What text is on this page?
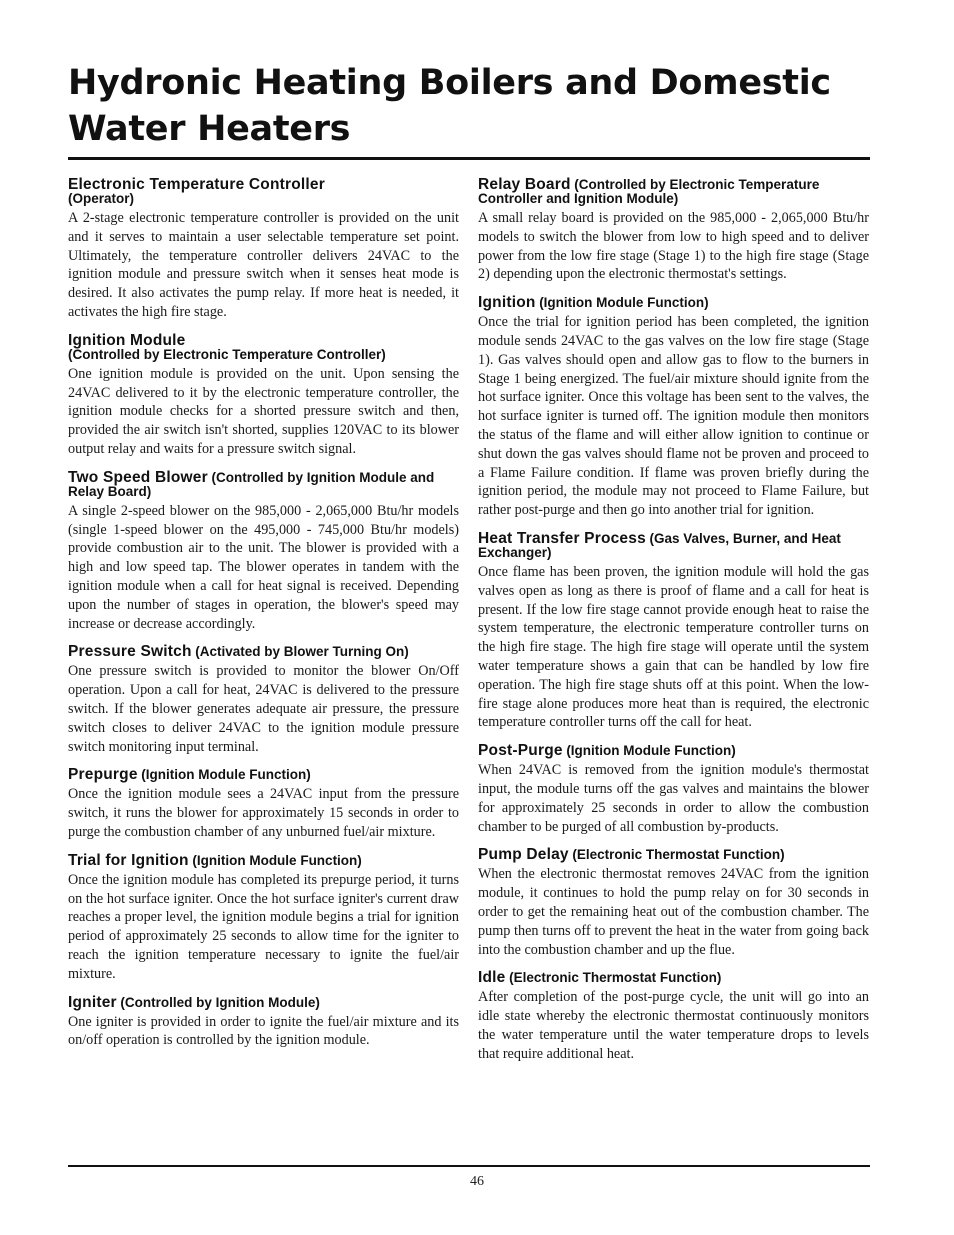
Hydronic Heating Boilers and Domestic Water Heaters
Electronic Temperature Controller
(Operator)

A 2-stage electronic temperature controller is provided on the unit and it serves to maintain a user selectable temperature set point. Ultimately, the temperature controller delivers 24VAC to the ignition module and pressure switch when it senses heat mode is desired. It also activates the pump relay. If more heat is needed, it activates the high fire stage.

Ignition Module
(Controlled by Electronic Temperature Controller)

One ignition module is provided on the unit. Upon sensing the 24VAC delivered to it by the electronic temperature controller, the ignition module checks for a shorted pressure switch and then, provided the air switch isn't shorted, supplies 120VAC to its blower output relay and waits for a pressure switch signal.

Two Speed Blower (Controlled by Ignition Module and Relay Board)

A single 2-speed blower on the 985,000 - 2,065,000 Btu/hr models (single 1-speed blower on the 495,000 - 745,000 Btu/hr models) provide combustion air to the unit. The blower is provided with a high and low speed tap. The blower operates in tandem with the ignition module when a call for heat signal is received. Depending upon the number of stages in operation, the blower's speed may increase or decrease accordingly.

Pressure Switch (Activated by Blower Turning On)

One pressure switch is provided to monitor the blower On/Off operation. Upon a call for heat, 24VAC is delivered to the pressure switch. If the blower generates adequate air pressure, the pressure switch closes to deliver 24VAC to the ignition module pressure switch monitoring input terminal.

Prepurge (Ignition Module Function)

Once the ignition module sees a 24VAC input from the pressure switch, it runs the blower for approximately 15 seconds in order to purge the combustion chamber of any unburned fuel/air mixture.

Trial for Ignition (Ignition Module Function)

Once the ignition module has completed its prepurge period, it turns on the hot surface igniter. Once the hot surface igniter's current draw reaches a proper level, the ignition module begins a trial for ignition period of approximately 25 seconds to allow time for the igniter to reach the ignition temperature necessary to ignite the fuel/air mixture.

Igniter (Controlled by Ignition Module)

One igniter is provided in order to ignite the fuel/air mixture and its on/off operation is controlled by the ignition module.

Relay Board (Controlled by Electronic Temperature Controller and Ignition Module)

A small relay board is provided on the 985,000 - 2,065,000 Btu/hr models to switch the blower from low to high speed and to deliver power from the low fire stage (Stage 1) to the high fire stage (Stage 2) depending upon the electronic thermostat's settings.

Ignition (Ignition Module Function)

Once the trial for ignition period has been completed, the ignition module sends 24VAC to the gas valves on the low fire stage (Stage 1). Gas valves should open and allow gas to flow to the burners in Stage 1 being energized. The fuel/air mixture should ignite from the hot surface igniter. Once this voltage has been sent to the valves, the hot surface igniter is turned off. The ignition module then monitors the status of the flame and will either allow ignition to continue or shut down the gas valves should flame not be proven and proceed to a Flame Failure condition. If flame was proven briefly during the ignition period, the module may not proceed to Flame Failure, but rather post-purge and then go into another trial for ignition.

Heat Transfer Process (Gas Valves, Burner, and Heat Exchanger)

Once flame has been proven, the ignition module will hold the gas valves open as long as there is proof of flame and a call for heat is present. If the low fire stage cannot provide enough heat to raise the system temperature, the electronic temperature controller turns on the high fire stage. The high fire stage will operate until the system water temperature shows a gain that can be handled by low fire operation. The high fire stage shuts off at this point. When the low-fire stage alone produces more heat than is required, the electronic temperature controller turns off the call for heat.

Post-Purge (Ignition Module Function)

When 24VAC is removed from the ignition module's thermostat input, the module turns off the gas valves and maintains the blower for approximately 25 seconds in order to allow the combustion chamber to be purged of all combustion by-products.

Pump Delay (Electronic Thermostat Function)

When the electronic thermostat removes 24VAC from the ignition module, it continues to hold the pump relay on for 30 seconds in order to get the remaining heat out of the combustion chamber. The pump then turns off to prevent the heat in the water from going back into the combustion chamber and up the flue.

Idle (Electronic Thermostat Function)

After completion of the post-purge cycle, the unit will go into an idle state whereby the electronic thermostat continuously monitors the water temperature until the water temperature drops to levels that require additional heat.

46
